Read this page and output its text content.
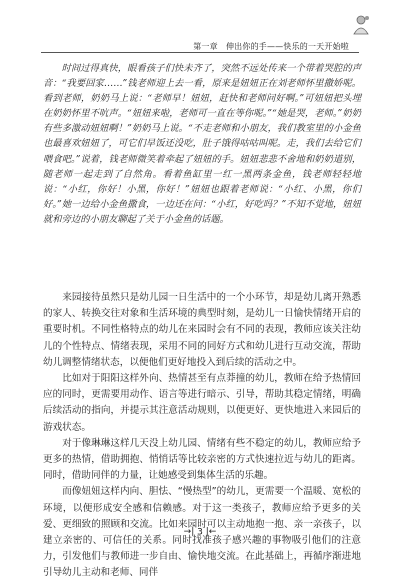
第一章　伸出你的手——快乐的一天开始啦

时间过得真快，眼看孩子们快未齐了，突然不远处传来一个带着哭腔的声音：“我要回家……”钱老师迎上去一看，原来是妞妞正在刘老师怀里撒娇呢。看到老师，奶奶马上说：“老师早！妞妞，赶快和老师问好啊。”可妞妞把头埋在奶奶怀里不吭声。“妞妞来啦，老师可一直在等你呢。”“她是哭，老师。”奶奶有些多激动妞妞啊！”奶奶马上说。“不走老师和小朋友，我们教室里的小金鱼也最喜欢妞妞了，可它们早饭还没吃，肚子饿得咕咕叫呢。走，我们去给它们喂食吧。”说着，钱老师微笑着牵起了妞妞的手。妞妞悲悲不舍地和奶奶道别，随老师一起走到了自然角。看着鱼缸里一红一黑两条金鱼，钱老师轻轻地说：“小红，你好！小黑，你好！”妞妞也跟着老师说：“小红、小黑，你们好。”她一边给小金鱼撒食，一边还在问：“小红，好吃吗？”不知不觉地，妞妞就和旁边的小朋友聊起了关于小金鱼的话题。

来园接待虽然只是幼儿园一日生活中的一个小环节，却是幼儿离开熟悉的家人、转换交往对象和生活环境的典型时刻，是幼儿一日愉快情绪开启的重要时机。不同性格特点的幼儿在来园时会有不同的表现，教师应该关注幼儿的个性特点、情绪表现，采用不同的同好方式和幼儿进行互动交流，帮助幼儿调整情绪状态，以便他们更好地投入到后续的活动之中。

比如对于阳阳这样外向、热情甚至有点莽撞的幼儿，教师在给予热情回应的同时，更需要用动作、语言等进行暗示、引导，帮助其稳定情绪，明确后续活动的指向，并提示其注意活动规则，以便更好、更快地进入来园后的游戏状态。

对于像琳琳这样几天没上幼儿园、情绪有些不稳定的幼儿，教师应给予更多的热情，借助拥抱、悄悄话等比较亲密的方式快速拉近与幼儿的距离。同时，借助同伴的力量，让她感受到集体生活的乐趣。

而像妞妞这样内向、胆怯、“慢热型”的幼儿，更需要一个温暖、宽松的环境，以便形成安全感和信赖感。对于这一类孩子，教师应给予更多的关爱、更细致的照顾和交流。比如来园时可以主动地抱一抱、亲一亲孩子，以建立亲密的、可信任的关系。同时找准孩子感兴趣的事物吸引他们的注意力，引发他们与教师进一步自由、愉快地交流。在此基础上，再循序渐进地引导幼儿主动和老师、同伴

→| 3 |←
